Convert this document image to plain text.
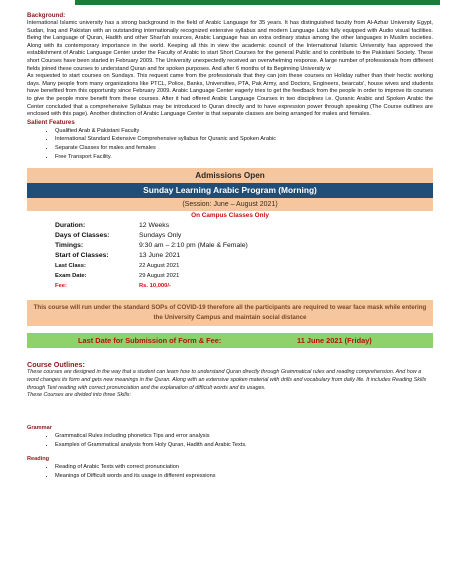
Background:

International Islamic university has a strong background in the field of Arabic Language for 35 years. It has distinguished faculty from Al-Azhar University Egypt, Sudan, Iraq and Pakistan with an outstanding internationally recognized extensive syllabus and modern Language Labs fully equipped with Audio visual facilities. Being the Language of Quran, Hadith and other Shari'ah sources, Arabic Language has an extra ordinary status among the other languages in Muslim societies. Along with its contemporary importance in the world. Keeping all this in view the academic council of the International Islamic University has approved the establishment of Arabic Language Center under the Faculty of Arabic to start Short Courses for the general Public and to contribute to the Pakistani Society. These short Courses have been started in February 2009. The University unexpectedly received an overwhelming response. A large number of professionals from different fields joined these courses to understand Quran and for spoken purposes. And after 6 months of its Beginning University w

As requested to start courses on Sundays. This request came from the professionals that they can join these courses on Holiday rather than their hectic working days. Many people from many organizations like PTCL, Police, Banks, Universities, PTA, Pak Army, and Doctors, Engineers, bearcats', house wives and students have benefited from this opportunity since February 2009. Arabic Language Center eagerly tries to get the feedback from the people in order to improve its courses to give the people more benefit from these courses. After it had offered Arabic Language Courses in two disciplines i.e. Quranic Arabic and Spoken Arabic the Center concluded that a comprehensive Syllabus may be introduced to Quran directly and to have expression power through speaking (The Course outlines are enclosed with this page). Another distinction of Arabic Language Center is that separate classes are being arranged for males and females.

Salient Features
• Qualified Arab & Pakistani Faculty
• International Standard Extensive Comprehensive syllabus for Quranic and Spoken Arabic
• Separate Classes for males and females
• Free Transport Facility.
Admissions Open
Sunday Learning Arabic Program (Morning)
(Session: June – August 2021)
On Campus Classes Only
Duration:	12 Weeks
Days of Classes:	Sundays Only
Timings:	9:30 am – 2:10 pm (Male & Female)
Start of Classes:	13 June 2021
Last Class:	22 August 2021
Exam Date:	29 August 2021
Fee:	Rs. 10,000/-
This course will run under the standard SOPs of COVID-19 therefore all the participants are required to wear face mask while entering the University Campus and maintain social distance
Last Date for Submission of Form & Fee:	11 June 2021 (Friday)
Course Outlines:

These courses are designed in the way that a student can learn how to understand Quran directly through Grammatical rules and reading comprehension. And how a word changes its form and gets new meanings in the Quran. Along with an extensive spoken material with drills and vocabulary from daily life. It includes Reading Skills through Text reading with correct pronunciation and the explanation of difficult words and its usages.

These Courses are divided into three Skills:

Grammar
• Grammatical Rules including phonetics Tips and error analysis
• Examples of Grammatical analysis from Holy Quran, Hadith and Arabic Texts.
Reading
• Reading of Arabic Texts with correct pronunciation
• Meanings of Difficult words and its usage in different expressions
